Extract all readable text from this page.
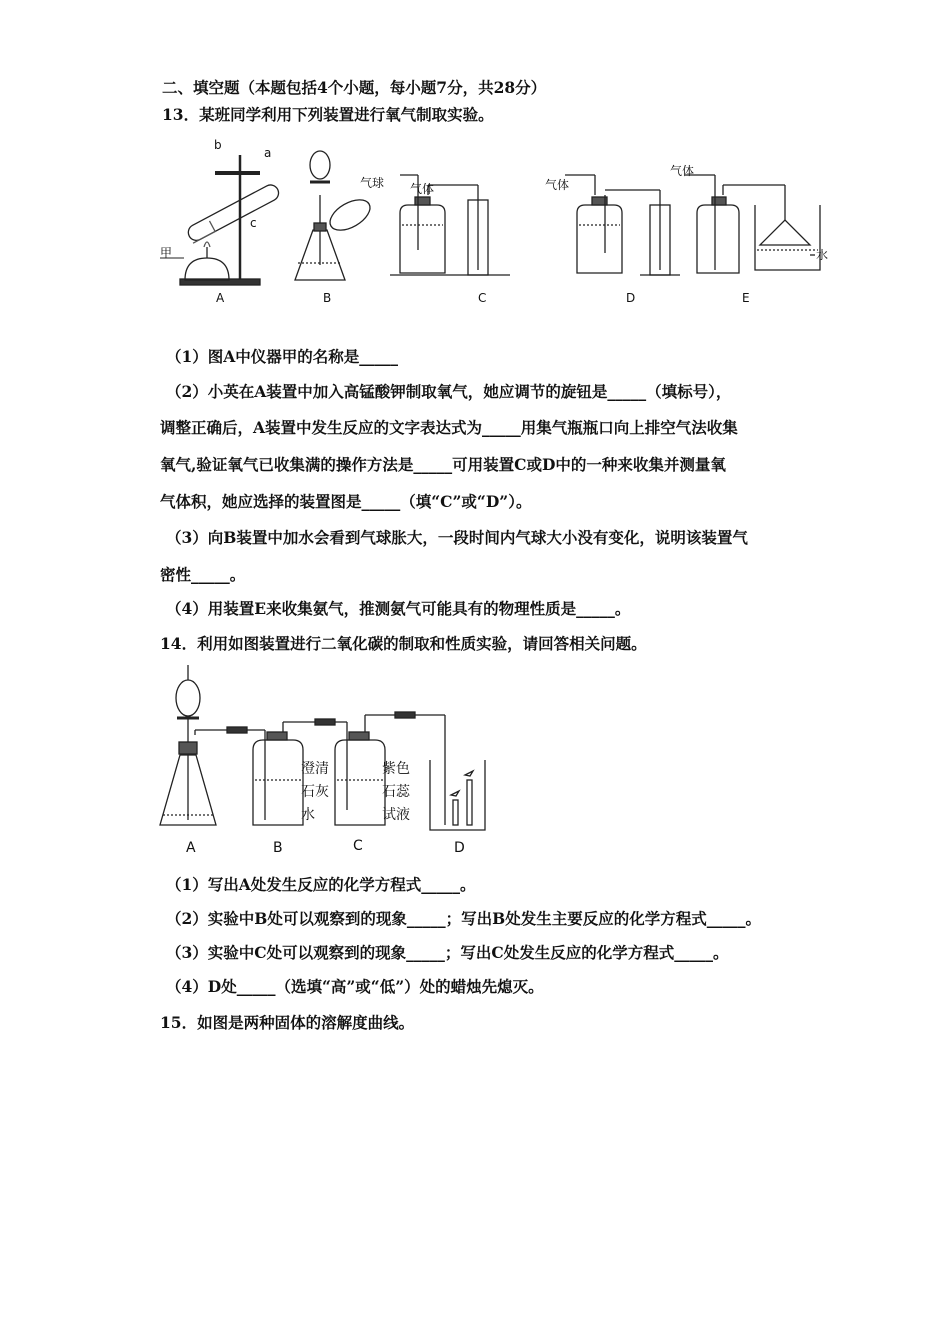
二、填空题（本题包括4个小题，每小题7分，共28分）
13．某班同学利用下列装置进行氧气制取实验。
b
a
c
甲
气球 气体	气体
气体
水
A	B	C	D	E
（1）图A中仪器甲的名称是_____
（2）小英在A装置中加入高锰酸钾制取氧气，她应调节的旋钮是_____（填标号），
调整正确后，A装置中发生反应的文字表达式为_____用集气瓶瓶口向上排空气法收集
氧气,验证氧气已收集满的操作方法是_____可用装置C或D中的一种来收集并测量氧
气体积，她应选择的装置图是_____（填“C”或“D”）。
（3）向B装置中加水会看到气球胀大，一段时间内气球大小没有变化，说明该装置气
密性_____。
（4）用装置E来收集氨气，推测氨气可能具有的物理性质是_____。
14．利用如图装置进行二氧化碳的制取和性质实验，请回答相关问题。
澄清
石灰
水
紫色
石蕊
试液
A	B	C	D
（1）写出A处发生反应的化学方程式_____。
（2）实验中B处可以观察到的现象_____；写出B处发生主要反应的化学方程式_____。
（3）实验中C处可以观察到的现象_____；写出C处发生反应的化学方程式_____。
（4）D处_____（选填“高”或“低”）处的蜡烛先熄灭。
15．如图是两种固体的溶解度曲线。
